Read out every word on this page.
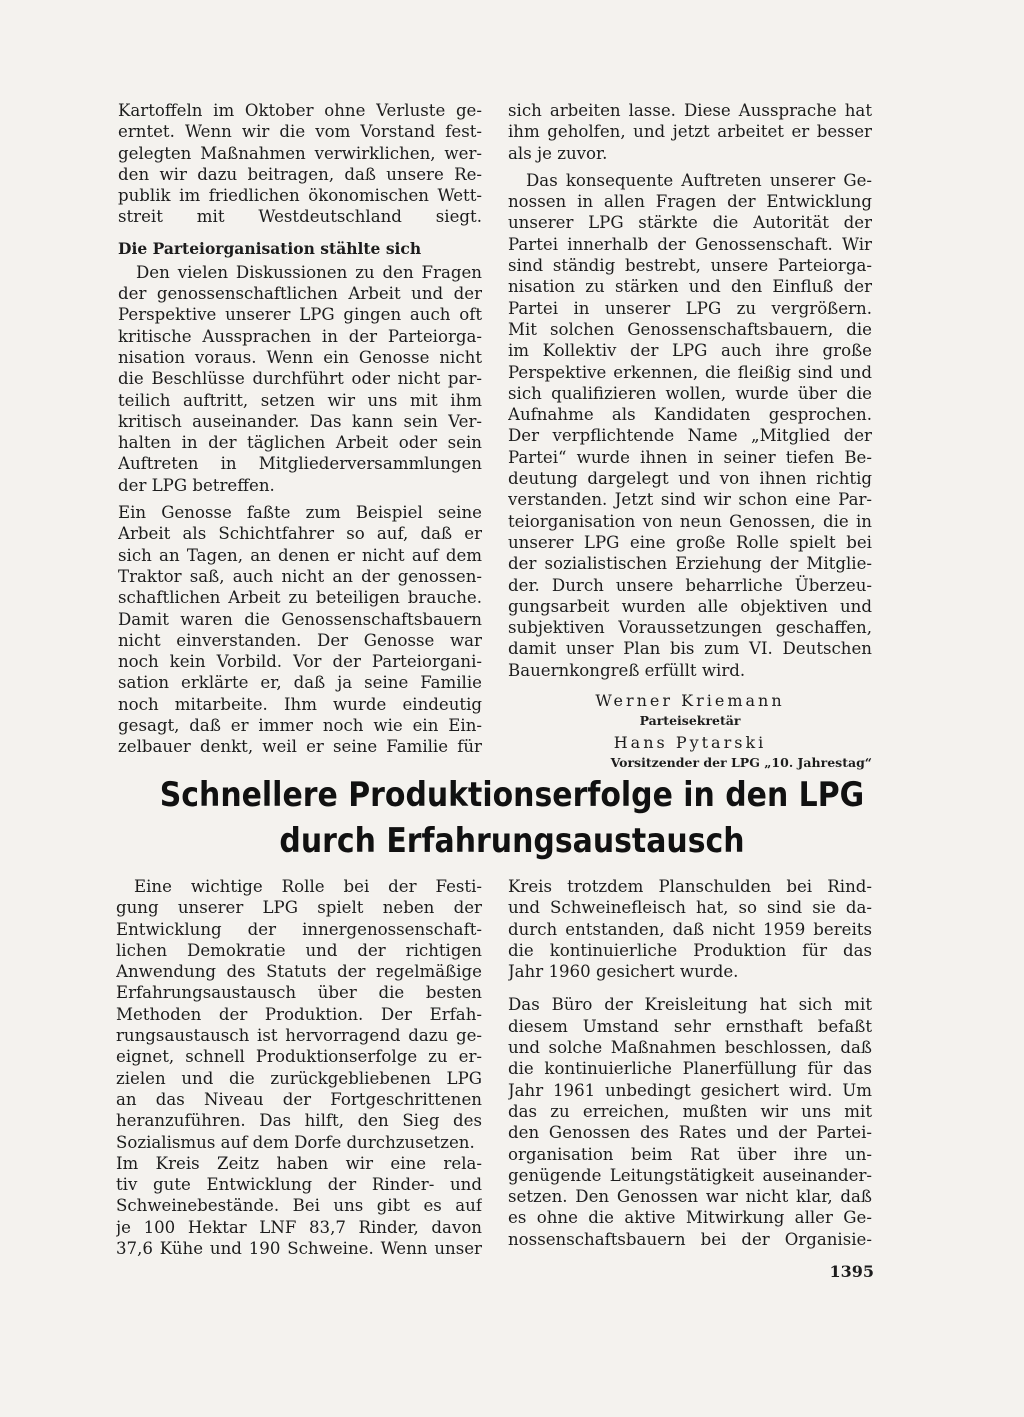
Kartoffeln im Oktober ohne Verluste ge-
erntet. Wenn wir die vom Vorstand fest-
gelegten Maßnahmen verwirklichen, wer-
den wir dazu beitragen, daß unsere Re-
publik im friedlichen ökonomischen Wett-
streit mit Westdeutschland siegt.
Die Parteiorganisation stählte sich
Den vielen Diskussionen zu den Fragen
der genossenschaftlichen Arbeit und der
Perspektive unserer LPG gingen auch oft
kritische Aussprachen in der Parteiorga-
nisation voraus. Wenn ein Genosse nicht
die Beschlüsse durchführt oder nicht par-
teilich auftritt, setzen wir uns mit ihm
kritisch auseinander. Das kann sein Ver-
halten in der täglichen Arbeit oder sein
Auftreten in Mitgliederversammlungen
der LPG betreffen.
Ein Genosse faßte zum Beispiel seine
Arbeit als Schichtfahrer so auf, daß er
sich an Tagen, an denen er nicht auf dem
Traktor saß, auch nicht an der genossen-
schaftlichen Arbeit zu beteiligen brauche.
Damit waren die Genossenschaftsbauern
nicht einverstanden. Der Genosse war
noch kein Vorbild. Vor der Parteiorgani-
sation erklärte er, daß ja seine Familie
noch mitarbeite. Ihm wurde eindeutig
gesagt, daß er immer noch wie ein Ein-
zelbauer denkt, weil er seine Familie für
sich arbeiten lasse. Diese Aussprache hat
ihm geholfen, und jetzt arbeitet er besser
als je zuvor.
Das konsequente Auftreten unserer Ge-
nossen in allen Fragen der Entwicklung
unserer LPG stärkte die Autorität der
Partei innerhalb der Genossenschaft. Wir
sind ständig bestrebt, unsere Parteiorga-
nisation zu stärken und den Einfluß der
Partei in unserer LPG zu vergrößern.
Mit solchen Genossenschaftsbauern, die
im Kollektiv der LPG auch ihre große
Perspektive erkennen, die fleißig sind und
sich qualifizieren wollen, wurde über die
Aufnahme als Kandidaten gesprochen.
Der verpflichtende Name „Mitglied der
Partei“ wurde ihnen in seiner tiefen Be-
deutung dargelegt und von ihnen richtig
verstanden. Jetzt sind wir schon eine Par-
teiorganisation von neun Genossen, die in
unserer LPG eine große Rolle spielt bei
der sozialistischen Erziehung der Mitglie-
der. Durch unsere beharrliche Überzeu-
gungsarbeit wurden alle objektiven und
subjektiven Voraussetzungen geschaffen,
damit unser Plan bis zum VI. Deutschen
Bauernkongreß erfüllt wird.
Werner Kriemann
Parteisekretär
Hans Pytarski
Vorsitzender der LPG „10. Jahrestag“
Schnellere Produktionserfolge in den LPG
durch Erfahrungsaustausch
Eine wichtige Rolle bei der Festi-
gung unserer LPG spielt neben der
Entwicklung der innergenossenschaft-
lichen Demokratie und der richtigen
Anwendung des Statuts der regelmäßige
Erfahrungsaustausch über die besten
Methoden der Produktion. Der Erfah-
rungsaustausch ist hervorragend dazu ge-
eignet, schnell Produktionserfolge zu er-
zielen und die zurückgebliebenen LPG
an das Niveau der Fortgeschrittenen
heranzuführen. Das hilft, den Sieg des
Sozialismus auf dem Dorfe durchzusetzen.
Im Kreis Zeitz haben wir eine rela-
tiv gute Entwicklung der Rinder- und
Schweinebestände. Bei uns gibt es auf
je 100 Hektar LNF 83,7 Rinder, davon
37,6 Kühe und 190 Schweine. Wenn unser
Kreis trotzdem Planschulden bei Rind-
und Schweinefleisch hat, so sind sie da-
durch entstanden, daß nicht 1959 bereits
die kontinuierliche Produktion für das
Jahr 1960 gesichert wurde.
Das Büro der Kreisleitung hat sich mit
diesem Umstand sehr ernsthaft befaßt
und solche Maßnahmen beschlossen, daß
die kontinuierliche Planerfüllung für das
Jahr 1961 unbedingt gesichert wird. Um
das zu erreichen, mußten wir uns mit
den Genossen des Rates und der Partei-
organisation beim Rat über ihre un-
genügende Leitungstätigkeit auseinander-
setzen. Den Genossen war nicht klar, daß
es ohne die aktive Mitwirkung aller Ge-
nossenschaftsbauern bei der Organisie-
1395
